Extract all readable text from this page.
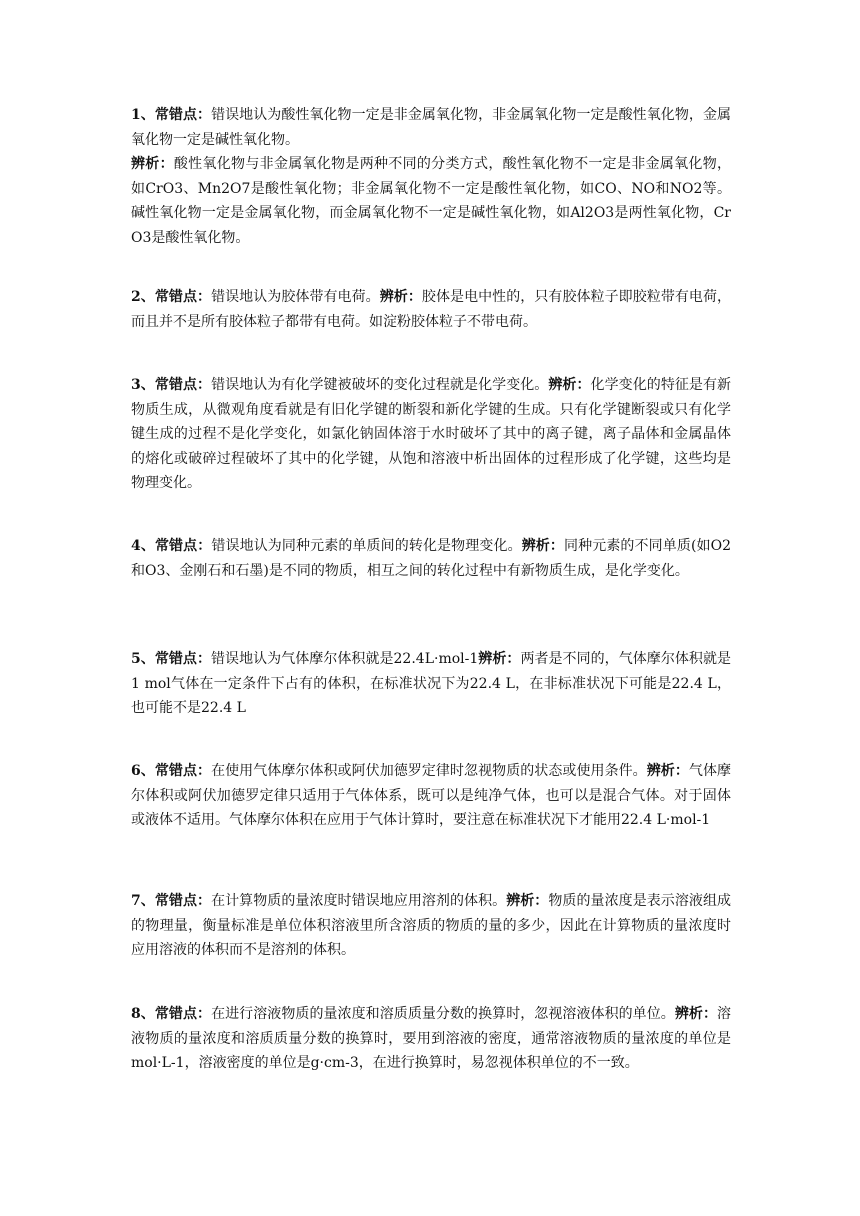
1、常错点：错误地认为酸性氧化物一定是非金属氧化物，非金属氧化物一定是酸性氧化物，金属氧化物一定是碱性氧化物。
辨析：酸性氧化物与非金属氧化物是两种不同的分类方式，酸性氧化物不一定是非金属氧化物，如CrO3、Mn2O7是酸性氧化物；非金属氧化物不一定是酸性氧化物，如CO、NO和NO2等。碱性氧化物一定是金属氧化物，而金属氧化物不一定是碱性氧化物，如Al2O3是两性氧化物，CrO3是酸性氧化物。

2、常错点：错误地认为胶体带有电荷。辨析：胶体是电中性的，只有胶体粒子即胶粒带有电荷，而且并不是所有胶体粒子都带有电荷。如淀粉胶体粒子不带电荷。

3、常错点：错误地认为有化学键被破坏的变化过程就是化学变化。辨析：化学变化的特征是有新物质生成，从微观角度看就是有旧化学键的断裂和新化学键的生成。只有化学键断裂或只有化学键生成的过程不是化学变化，如氯化钠固体溶于水时破坏了其中的离子键，离子晶体和金属晶体的熔化或破碎过程破坏了其中的化学键，从饱和溶液中析出固体的过程形成了化学键，这些均是物理变化。

4、常错点：错误地认为同种元素的单质间的转化是物理变化。辨析：同种元素的不同单质(如O2和O3、金刚石和石墨)是不同的物质，相互之间的转化过程中有新物质生成，是化学变化。

5、常错点：错误地认为气体摩尔体积就是22.4L·mol-1辨析：两者是不同的，气体摩尔体积就是1 mol气体在一定条件下占有的体积，在标准状况下为22.4 L，在非标准状况下可能是22.4 L，也可能不是22.4 L

6、常错点：在使用气体摩尔体积或阿伏加德罗定律时忽视物质的状态或使用条件。辨析：气体摩尔体积或阿伏加德罗定律只适用于气体体系，既可以是纯净气体，也可以是混合气体。对于固体或液体不适用。气体摩尔体积在应用于气体计算时，要注意在标准状况下才能用22.4 L·mol-1

7、常错点：在计算物质的量浓度时错误地应用溶剂的体积。辨析：物质的量浓度是表示溶液组成的物理量，衡量标准是单位体积溶液里所含溶质的物质的量的多少，因此在计算物质的量浓度时应用溶液的体积而不是溶剂的体积。

8、常错点：在进行溶液物质的量浓度和溶质质量分数的换算时，忽视溶液体积的单位。辨析：溶液物质的量浓度和溶质质量分数的换算时，要用到溶液的密度，通常溶液物质的量浓度的单位是mol·L-1，溶液密度的单位是g·cm-3，在进行换算时，易忽视体积单位的不一致。
